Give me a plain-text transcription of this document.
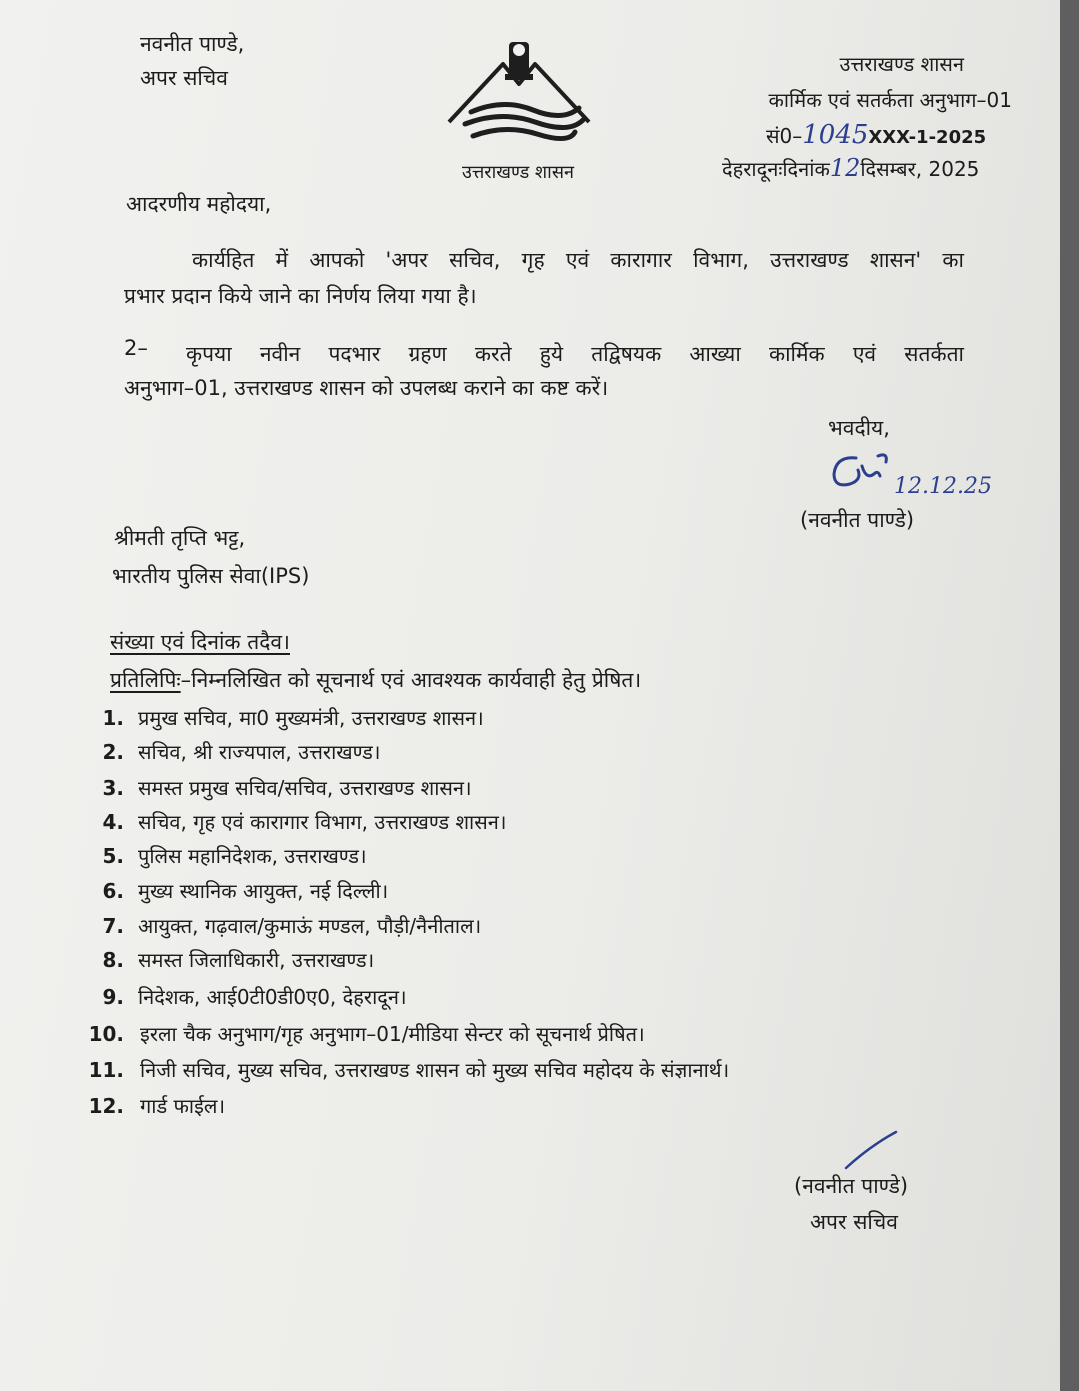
नवनीत पाण्डे,
अपर सचिव
उत्तराखण्ड शासन
उत्तराखण्ड शासन
कार्मिक एवं सतर्कता अनुभाग–01
सं0–1045XXX-1-2025
देहरादूनःदिनांक12दिसम्बर, 2025
आदरणीय महोदया,
कार्यहित में आपको 'अपर सचिव, गृह एवं कारागार विभाग, उत्तराखण्ड शासन' का
प्रभार प्रदान किये जाने का निर्णय लिया गया है।
2– कृपया नवीन पदभार ग्रहण करते हुये तद्विषयक आख्या कार्मिक एवं सतर्कता
अनुभाग–01, उत्तराखण्ड शासन को उपलब्ध कराने का कष्ट करें।
भवदीय,
12.12.25
(नवनीत पाण्डे)
श्रीमती तृप्ति भट्ट,
भारतीय पुलिस सेवा(IPS)
संख्या एवं दिनांक तदैव।
प्रतिलिपिः–निम्नलिखित को सूचनार्थ एवं आवश्यक कार्यवाही हेतु प्रेषित।
1. प्रमुख सचिव, मा0 मुख्यमंत्री, उत्तराखण्ड शासन।
2. सचिव, श्री राज्यपाल, उत्तराखण्ड।
3. समस्त प्रमुख सचिव/सचिव, उत्तराखण्ड शासन।
4. सचिव, गृह एवं कारागार विभाग, उत्तराखण्ड शासन।
5. पुलिस महानिदेशक, उत्तराखण्ड।
6. मुख्य स्थानिक आयुक्त, नई दिल्ली।
7. आयुक्त, गढ़वाल/कुमाऊं मण्डल, पौड़ी/नैनीताल।
8. समस्त जिलाधिकारी, उत्तराखण्ड।
9. निदेशक, आई0टी0डी0ए0, देहरादून।
10. इरला चैक अनुभाग/गृह अनुभाग–01/मीडिया सेन्टर को सूचनार्थ प्रेषित।
11. निजी सचिव, मुख्य सचिव, उत्तराखण्ड शासन को मुख्य सचिव महोदय के संज्ञानार्थ।
12. गार्ड फाईल।
(नवनीत पाण्डे)
अपर सचिव
